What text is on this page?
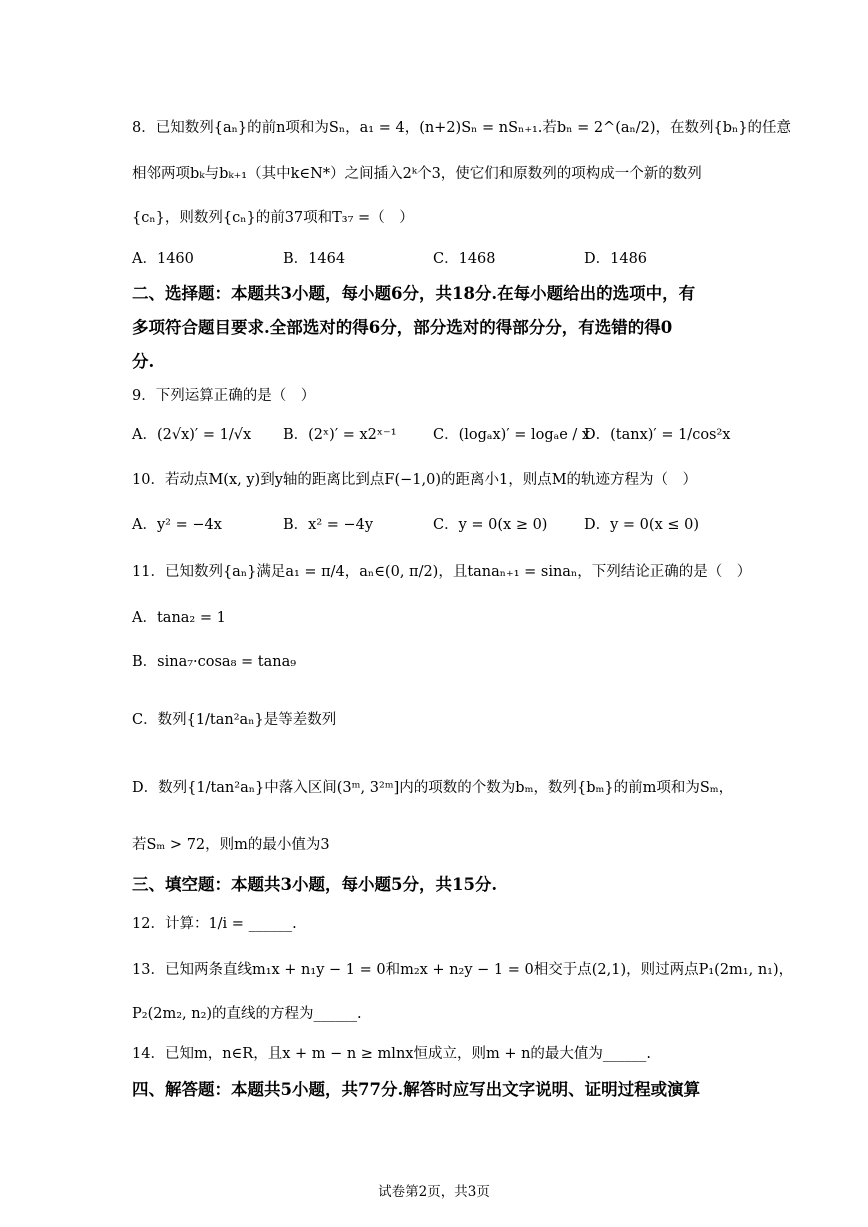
8．已知数列{aₙ}的前n项和为Sₙ，a₁ = 4，(n+2)Sₙ = nSₙ₊₁.若bₙ = 2^(aₙ/2)，在数列{bₙ}的任意
相邻两项bₖ与bₖ₊₁（其中k∈N*）之间插入2ᵏ个3，使它们和原数列的项构成一个新的数列
{cₙ}，则数列{cₙ}的前37项和T₃₇ =（　）
A．1460	B．1464	C．1468	D．1486
二、选择题：本题共3小题，每小题6分，共18分.在每小题给出的选项中，有
多项符合题目要求.全部选对的得6分，部分选对的得部分分，有选错的得0
分.
9．下列运算正确的是（　）
A．(2√x)′ = 1/√x B．(2ˣ)′ = x2ˣ⁻¹	C．(logₐx)′ = logₐe / x
D．(tanx)′ = 1/cos²x
10．若动点M(x, y)到y轴的距离比到点F(−1,0)的距离小1，则点M的轨迹方程为（　）
A．y² = −4x	B．x² = −4y	C．y = 0(x ≥ 0)	D．y = 0(x ≤ 0)
11．已知数列{aₙ}满足a₁ = π/4，aₙ∈(0, π/2)，且tanaₙ₊₁ = sinaₙ，下列结论正确的是（　）
A．tana₂ = 1
B．sina₇·cosa₈ = tana₉
C．数列{1/tan²aₙ}是等差数列
D．数列{1/tan²aₙ}中落入区间(3ᵐ, 3²ᵐ]内的项数的个数为bₘ，数列{bₘ}的前m项和为Sₘ，
若Sₘ > 72，则m的最小值为3
三、填空题：本题共3小题，每小题5分，共15分.
12．计算：1/i = ______.
13．已知两条直线m₁x + n₁y − 1 = 0和m₂x + n₂y − 1 = 0相交于点(2,1)，则过两点P₁(2m₁, n₁)，
P₂(2m₂, n₂)的直线的方程为______.
14．已知m，n∈R，且x + m − n ≥ mlnx恒成立，则m + n的最大值为______.
四、解答题：本题共5小题，共77分.解答时应写出文字说明、证明过程或演算
试卷第2页，共3页
